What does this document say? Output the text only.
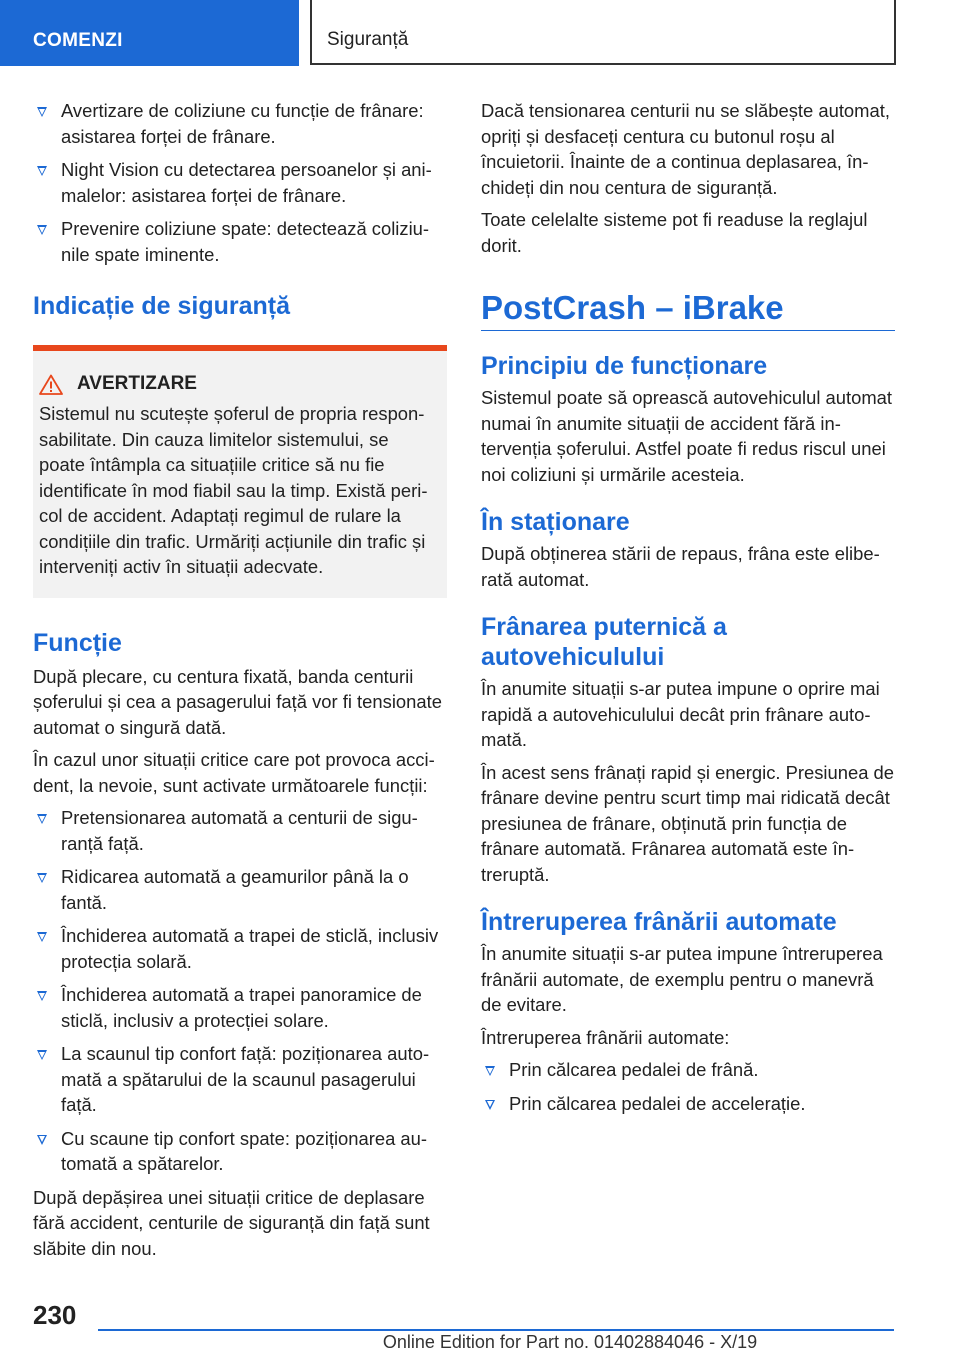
COMENZI	Siguranță
Avertizare de coliziune cu funcție de frânare: asistarea forței de frânare.
Night Vision cu detectarea persoanelor și animalelor: asistarea forței de frânare.
Prevenire coliziune spate: detectează coliziunile spate iminente.
Indicație de siguranță
AVERTIZARE
Sistemul nu scutește șoferul de propria responsabilitate. Din cauza limitelor sistemului, se poate întâmpla ca situațiile critice să nu fie identificate în mod fiabil sau la timp. Există pericol de accident. Adaptați regimul de rulare la condițiile din trafic. Urmăriți acțiunile din trafic și interveniți activ în situații adecvate.
Funcție

După plecare, cu centura fixată, banda centurii șoferului și cea a pasagerului față vor fi tensionate automat o singură dată.

În cazul unor situații critice care pot provoca accident, la nevoie, sunt activate următoarele funcții:

Pretensionarea automată a centurii de siguranță față.
Ridicarea automată a geamurilor până la o fantă.
Închiderea automată a trapei de sticlă, inclusiv protecția solară.
Închiderea automată a trapei panoramice de sticlă, inclusiv a protecției solare.
La scaunul tip confort față: poziționarea automată a spătarului de la scaunul pasagerului față.
Cu scaune tip confort spate: poziționarea automată a spătarelor.

După depășirea unei situații critice de deplasare fără accident, centurile de siguranță din față sunt slăbite din nou.

Dacă tensionarea centurii nu se slăbește automat, opriți și desfaceți centura cu butonul roșu al încuietorii. Înainte de a continua deplasarea, închideți din nou centura de siguranță.

Toate celelalte sisteme pot fi readuse la reglajul dorit.

PostCrash – iBrake
Principiu de funcționare

Sistemul poate să oprească autovehiculul automat numai în anumite situații de accident fără intervenția șoferului. Astfel poate fi redus riscul unei noi coliziuni și urmările acesteia.

În staționare

După obținerea stării de repaus, frâna este eliberată automat.

Frânarea puternică a autovehiculului

În anumite situații s-ar putea impune o oprire mai rapidă a autovehiculului decât prin frânare automată.

În acest sens frânați rapid și energic. Presiunea de frânare devine pentru scurt timp mai ridicată decât presiunea de frânare, obținută prin funcția de frânare automată. Frânarea automată este întreruptă.

Întreruperea frânării automate

În anumite situații s-ar putea impune întreruperea frânării automate, de exemplu pentru o manevră de evitare.

Întreruperea frânării automate:

Prin călcarea pedalei de frână.
Prin călcarea pedalei de accelerație.
230
Online Edition for Part no. 01402884046 - X/19
